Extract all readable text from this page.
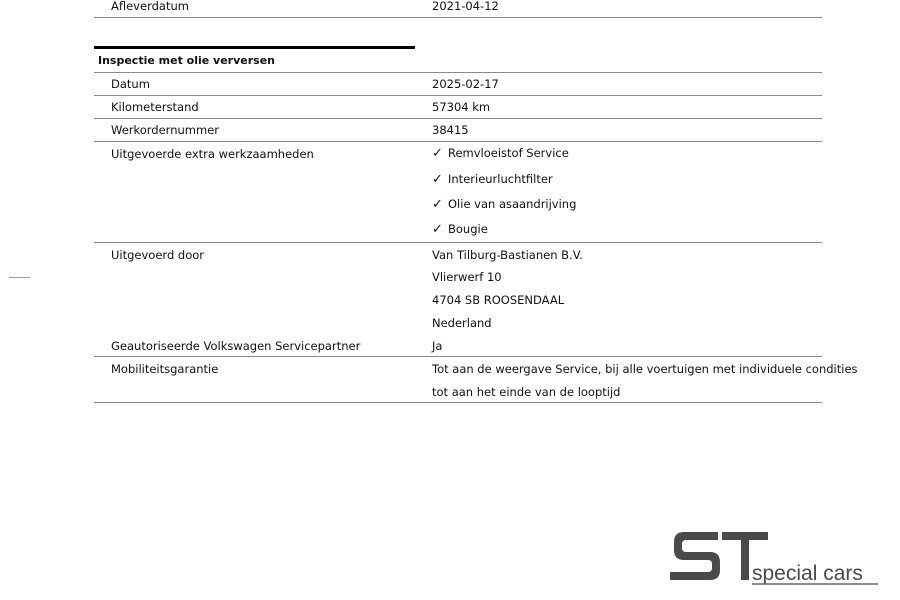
Afleverdatum	2021-04-12
Inspectie met olie verversen
Datum	2025-02-17
Kilometerstand	57304 km
Werkordernummer	38415
Uitgevoerde extra werkzaamheden	✓ Remvloeistof Service
✓ Interieurluchtfilter
✓ Olie van asaandrijving
✓ Bougie
Uitgevoerd door	Van Tilburg-Bastianen B.V.
Vlierwerf 10
4704 SB ROOSENDAAL
Nederland
Geautoriseerde Volkswagen Servicepartner	Ja
Mobiliteitsgarantie	Tot aan de weergave Service, bij alle voertuigen met individuele condities
tot aan het einde van de looptijd
special cars
